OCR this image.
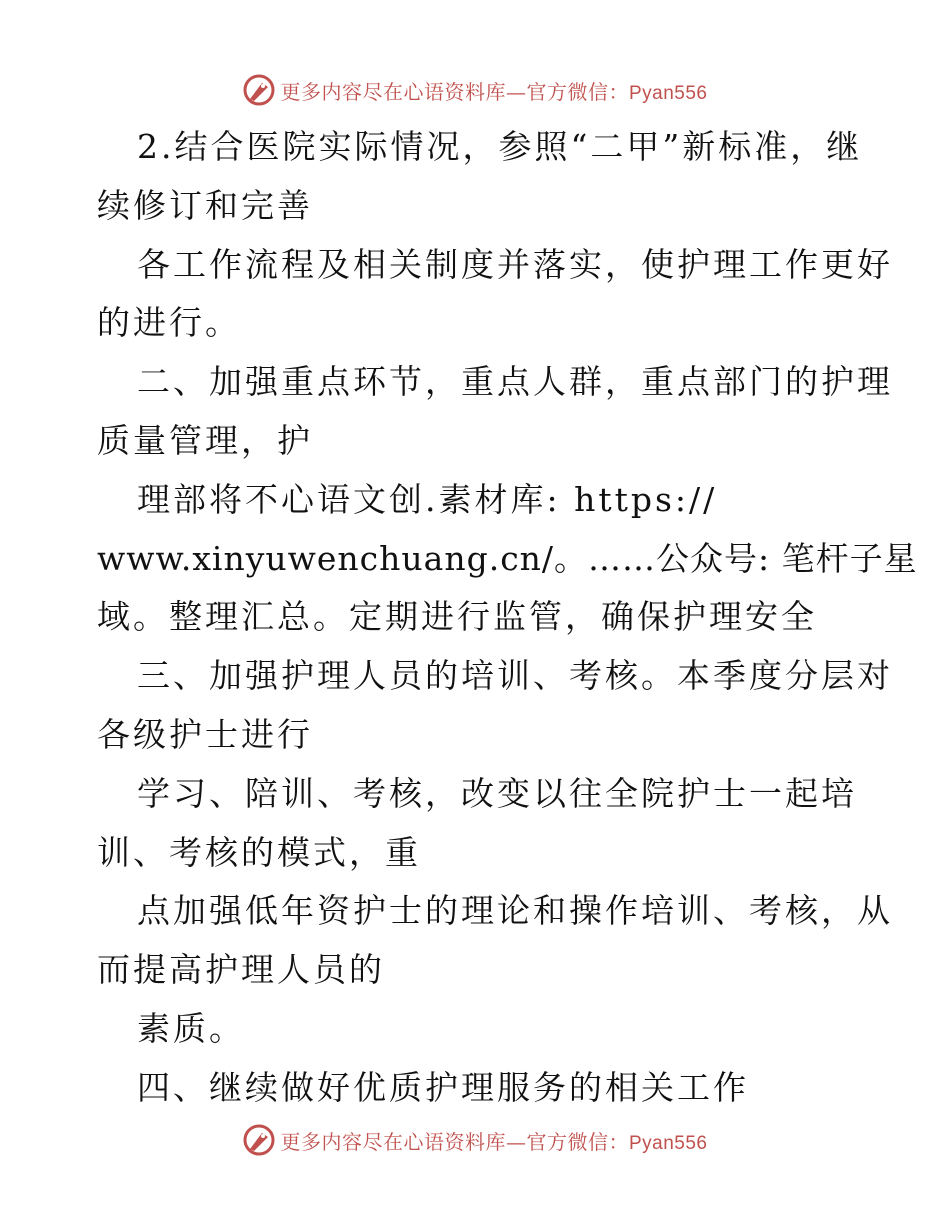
更多内容尽在心语资料库—官方微信：Pyan556
2.结合医院实际情况，参照“二甲”新标准，继
续修订和完善
各工作流程及相关制度并落实，使护理工作更好
的进行。
二、加强重点环节，重点人群，重点部门的护理
质量管理，护
理部将不心语文创.素材库: https://
www.xinyuwenchuang.cn/。……公众号: 笔杆子星
域。整理汇总。定期进行监管，确保护理安全
三、加强护理人员的培训、考核。本季度分层对
各级护士进行
学习、陪训、考核，改变以往全院护士一起培
训、考核的模式，重
点加强低年资护士的理论和操作培训、考核，从
而提高护理人员的
素质。
四、继续做好优质护理服务的相关工作
更多内容尽在心语资料库—官方微信：Pyan556
